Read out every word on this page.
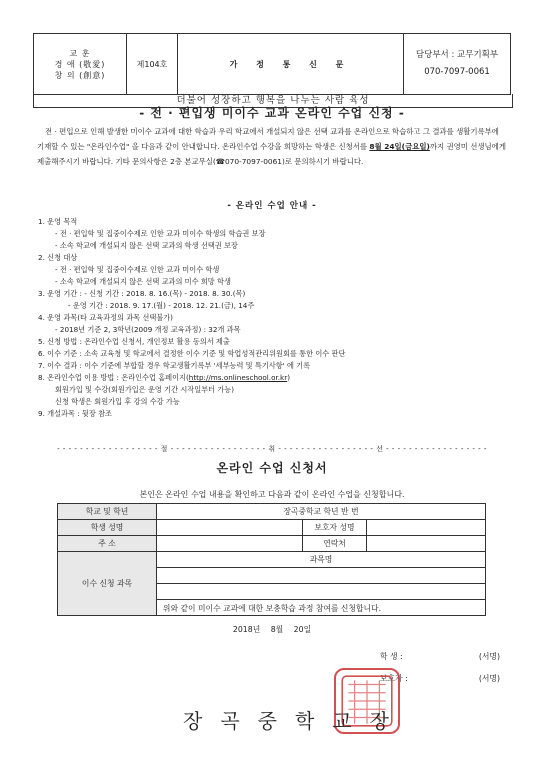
교 훈
경 애 (敬愛)
창 의 (創意)
	제104호	가 정 통 신 문	
담당부서 : 교무기획부
070-7097-0061
더불어 성장하고 행복을 나누는 사람 육성
- 전 · 편입생 미이수 교과 온라인 수업 신청 -
전 · 편입으로 인해 발생한 미이수 교과에 대한 학습과 우리 학교에서 개설되지 않은 선택 교과를 온라인으로 학습하고 그 결과를 생활기록부에 기재할 수 있는 "온라인수업" 을 다음과 같이 안내합니다. 온라인수업 수강을 희망하는 학생은 신청서를 8월 24일(금요일)까지 권영미 선생님에게 제출해주시기 바랍니다. 기타 문의사항은 2층 본교무실(☎070-7097-0061)로 문의하시기 바랍니다.
- 온라인 수업 안내 -
1. 운영 목적
- 전 · 편입학 및 집중이수제로 인한 교과 미이수 학생의 학습권 보장
- 소속 학교에 개설되지 않은 선택 교과의 학생 선택권 보장
2. 신청 대상
- 전 · 편입학 및 집중이수제로 인한 교과 미이수 학생
- 소속 학교에 개설되지 않은 선택 교과의 미수 희망 학생
3. 운영 기간 : - 신청 기간 : 2018. 8. 16.(목) - 2018. 8. 30.(목)
- 운영 기간 : 2018. 9. 17.(월) - 2018. 12. 21.(금), 14주
4. 운영 과목(타 교육과정의 과목 선택불가)
- 2018년 기준 2, 3학년(2009 개정 교육과정) : 32개 과목
5. 신청 방법 : 온라인수업 신청서, 개인정보 활용 동의서 제출
6. 이수 기준 : 소속 교육청 및 학교에서 결정한 이수 기준 및 학업성적관리위원회를 통한 이수 판단
7. 이수 결과 : 이수 기준에 부합할 경우 학교생활기록부 '세부능력 및 특기사항' 에 기록
8. 온라인수업 이용 방법 : 온라인수업 홈페이지(http://ms.onlineschool.or.kr)
회원가입 및 수강(회원가입은 운영 기간 시작일부터 가능)
신청 학생은 회원가입 후 강의 수강 가능
9. 개설과목 : 뒷장 참조
- - - - - - - - - - - - - - - - - - 절 - - - - - - - - - - - - - - - - - 취 - - - - - - - - - - - - - - - - - 선 - - - - - - - - - - - - - - - - - -
온라인 수업 신청서
본인은 온라인 수업 내용을 확인하고 다음과 같이 온라인 수업을 신청합니다.
학교 및 학년	장곡중학교 학년 반 번		
학생 성명		보호자 성명	
주 소		연락처	
이수 신청 과목	과목명		

위와 같이 미이수 교과에 대한 보충학습 과정 참여를 신청합니다.
2018년 8월 20일
학 생 :	(서명)
보호자 :	(서명)
장곡중학교장
